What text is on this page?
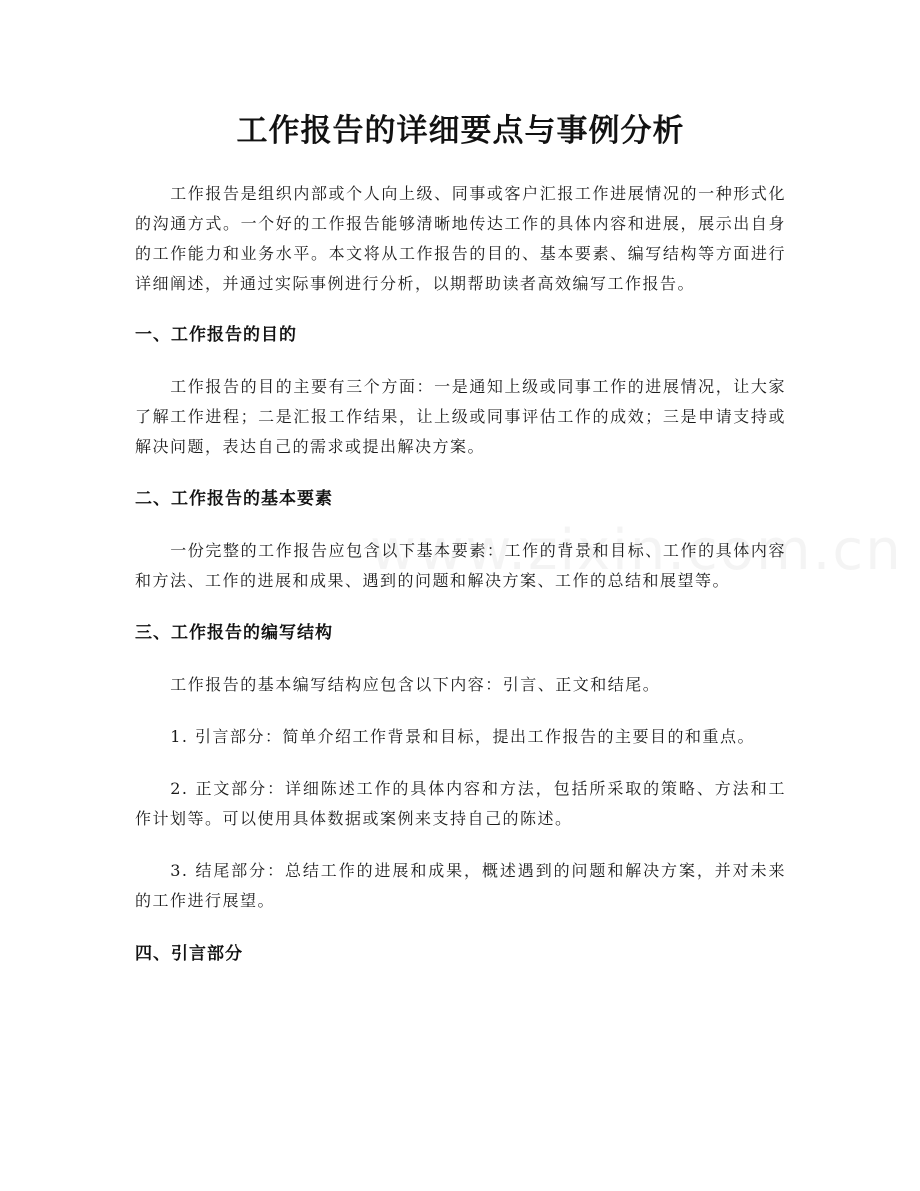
工作报告的详细要点与事例分析

工作报告是组织内部或个人向上级、同事或客户汇报工作进展情况的一种形式化的沟通方式。一个好的工作报告能够清晰地传达工作的具体内容和进展，展示出自身的工作能力和业务水平。本文将从工作报告的目的、基本要素、编写结构等方面进行详细阐述，并通过实际事例进行分析，以期帮助读者高效编写工作报告。

一、工作报告的目的

工作报告的目的主要有三个方面：一是通知上级或同事工作的进展情况，让大家了解工作进程；二是汇报工作结果，让上级或同事评估工作的成效；三是申请支持或解决问题，表达自己的需求或提出解决方案。

二、工作报告的基本要素

一份完整的工作报告应包含以下基本要素：工作的背景和目标、工作的具体内容和方法、工作的进展和成果、遇到的问题和解决方案、工作的总结和展望等。

三、工作报告的编写结构

工作报告的基本编写结构应包含以下内容：引言、正文和结尾。

1. 引言部分：简单介绍工作背景和目标，提出工作报告的主要目的和重点。

2. 正文部分：详细陈述工作的具体内容和方法，包括所采取的策略、方法和工作计划等。可以使用具体数据或案例来支持自己的陈述。

3. 结尾部分：总结工作的进展和成果，概述遇到的问题和解决方案，并对未来的工作进行展望。

四、引言部分
